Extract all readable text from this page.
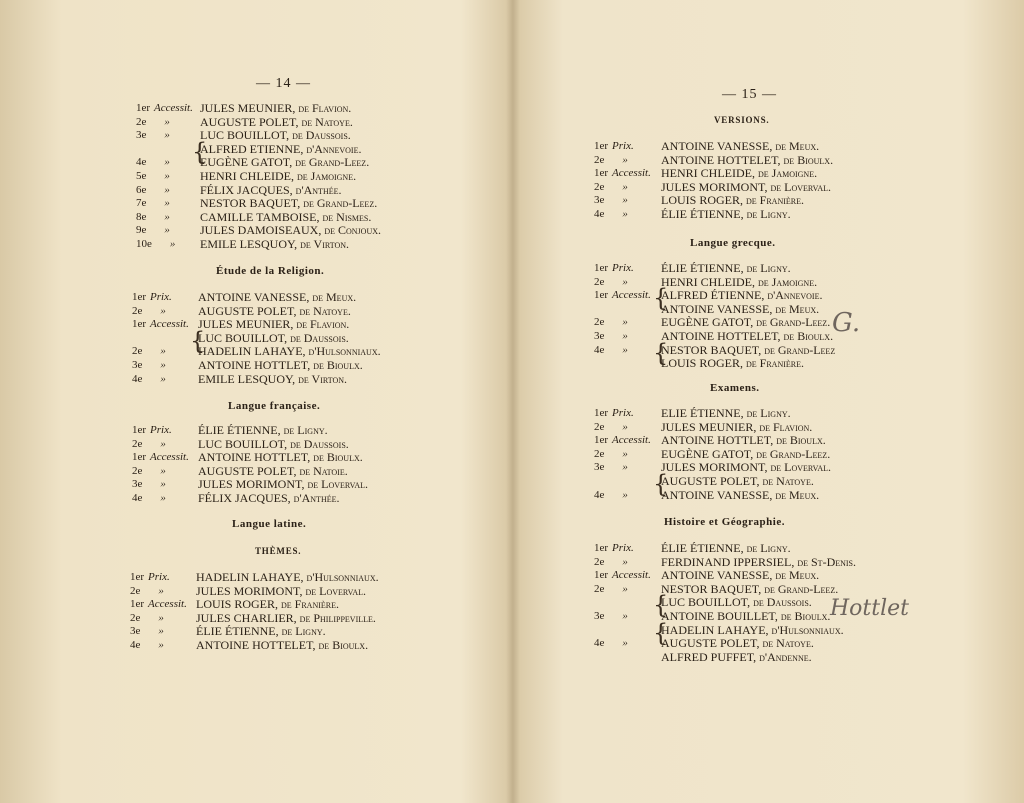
— 14 —
1er Accessit. JULES MEUNIER, de Flavion.
2e »	AUGUSTE POLET, de Natoye.
3e »	LUC BOUILLOT, de Daussois.
ALFRED ETIENNE, d'Annevoie.
4e »	EUGÈNE GATOT, de Grand-Leez.
5e »	HENRI CHLEIDE, de Jamoigne.
6e »	FÉLIX JACQUES, d'Anthée.
7e »	NESTOR BAQUET, de Grand-Leez.
8e »	CAMILLE TAMBOISE, de Nismes.
9e »	JULES DAMOISEAUX, de Conjoux.
10e » EMILE LESQUOY, de Virton.
{
Étude de la Religion.
1er Prix. ANTOINE VANESSE, de Meux.
2e »	AUGUSTE POLET, de Natoye.
1er Accessit. JULES MEUNIER, de Flavion.
LUC BOUILLOT, de Daussois.
2e »	HADELIN LAHAYE, d'Hulsonniaux.
3e »	ANTOINE HOTTLET, de Bioulx.
4e »	EMILE LESQUOY, de Virton.
{
Langue française.
1er Prix. ÉLIE ÉTIENNE, de Ligny.
2e »	LUC BOUILLOT, de Daussois.
1er Accessit. ANTOINE HOTTLET, de Bioulx.
2e »	AUGUSTE POLET, de Natoie.
3e »	JULES MORIMONT, de Loverval.
4e »	FÉLIX JACQUES, d'Anthée.
Langue latine.
THÈMES.
1er Prix. HADELIN LAHAYE, d'Hulsonniaux.
2e »	JULES MORIMONT, de Loverval.
1er Accessit. LOUIS ROGER, de Franière.
2e »	JULES CHARLIER, de Philippeville.
3e »	ÉLIE ÉTIENNE, de Ligny.
4e »	ANTOINE HOTTELET, de Bioulx.
— 15 —
VERSIONS.
1er Prix. ANTOINE VANESSE, de Meux.
2e »	ANTOINE HOTTELET, de Bioulx.
1er Accessit. HENRI CHLEIDE, de Jamoigne.
2e »	JULES MORIMONT, de Loverval.
3e »	LOUIS ROGER, de Franière.
4e »	ÉLIE ÉTIENNE, de Ligny.
Langue grecque.
1er Prix. ÉLIE ÉTIENNE, de Ligny.
2e »	HENRI CHLEIDE, de Jamoigne.
1er Accessit. ALFRED ÉTIENNE, d'Annevoie.
ANTOINE VANESSE, de Meux.
2e »	EUGÈNE GATOT, de Grand-Leez.
3e »	ANTOINE HOTTELET, de Bioulx.
4e »	NESTOR BAQUET, de Grand-Leez
LOUIS ROGER, de Franière.
{
{
Examens.
1er Prix. ELIE ÉTIENNE, de Ligny.
2e »	JULES MEUNIER, de Flavion.
1er Accessit. ANTOINE HOTTLET, de Bioulx.
2e »	EUGÈNE GATOT, de Grand-Leez.
3e »	JULES MORIMONT, de Loverval.
AUGUSTE POLET, de Natoye.
4e »	ANTOINE VANESSE, de Meux.
{
Histoire et Géographie.
1er Prix. ÉLIE ÉTIENNE, de Ligny.
2e »	FERDINAND IPPERSIEL, de St-Denis.
1er Accessit. ANTOINE VANESSE, de Meux.
2e »	NESTOR BAQUET, de Grand-Leez.
LUC BOUILLOT, de Daussois.
3e »	ANTOINE BOUILLET, de Bioulx.
HADELIN LAHAYE, d'Hulsonniaux.
4e »	AUGUSTE POLET, de Natoye.
ALFRED PUFFET, d'Andenne.
{
{
G.
Hottlet
